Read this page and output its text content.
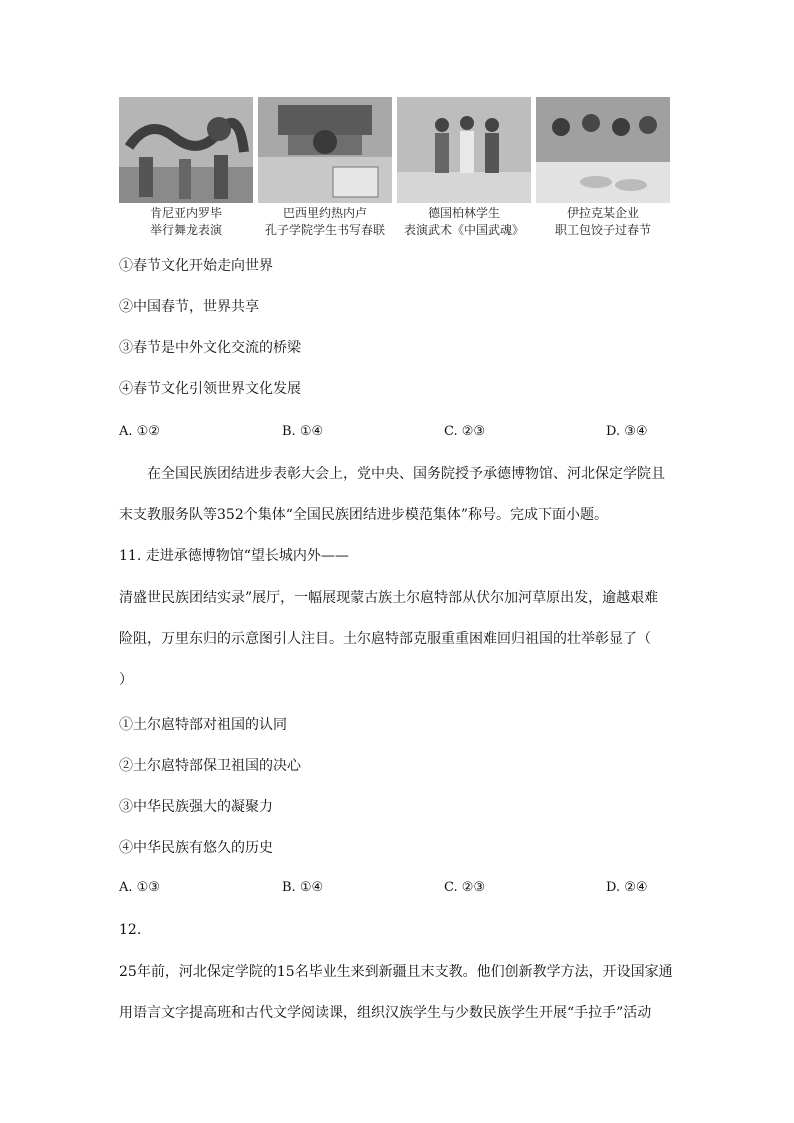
肯尼亚内罗毕
举行舞龙表演
巴西里约热内卢
孔子学院学生书写春联
德国柏林学生
表演武术《中国武魂》
伊拉克某企业
职工包饺子过春节
①春节文化开始走向世界
②中国春节，世界共享
③春节是中外文化交流的桥梁
④春节文化引领世界文化发展
A. ①②	B. ①④	C. ②③	D. ③④
在全国民族团结进步表彰大会上，党中央、国务院授予承德博物馆、河北保定学院且
末支教服务队等352个集体“全国民族团结进步模范集体”称号。完成下面小题。
11. 走进承德博物馆“望长城内外——
清盛世民族团结实录”展厅，一幅展现蒙古族土尔扈特部从伏尔加河草原出发，逾越艰难
险阻，万里东归的示意图引人注目。土尔扈特部克服重重困难回归祖国的壮举彰显了（
）
①土尔扈特部对祖国的认同
②土尔扈特部保卫祖国的决心
③中华民族强大的凝聚力
④中华民族有悠久的历史
A. ①③	B. ①④	C. ②③	D. ②④
12.
25年前，河北保定学院的15名毕业生来到新疆且末支教。他们创新教学方法，开设国家通
用语言文字提高班和古代文学阅读课，组织汉族学生与少数民族学生开展“手拉手”活动
